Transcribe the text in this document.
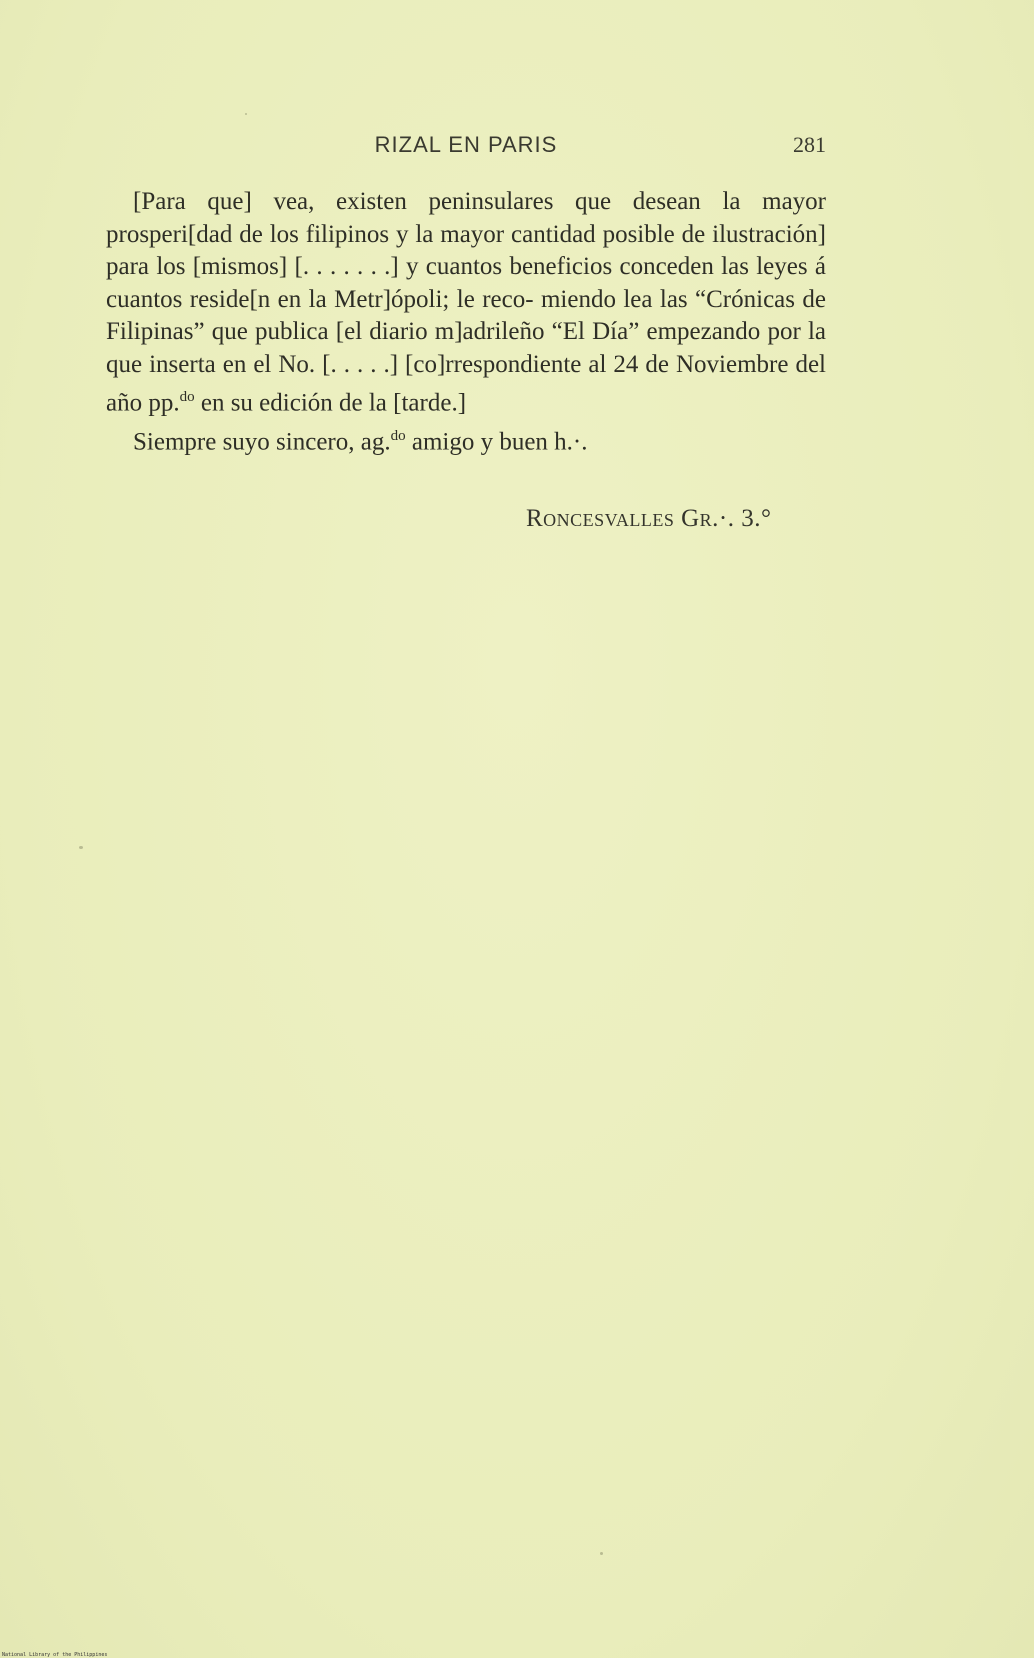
RIZAL EN PARIS	281

[Para que] vea, existen peninsulares que desean la mayor prosperi[dad de los filipinos y la mayor cantidad posible de ilustración] para los [mismos] [. . . . . . .] y cuantos beneficios conceden las leyes á cuantos reside[n en la Metr]ópoli; le reco- miendo lea las “Crónicas de Filipinas” que publica [el diario m]adrileño “El Día” empezando por la que inserta en el No. [. . . . .] [co]rrespondiente al 24 de Noviembre del año pp.$^{do}$ en su edición de la [tarde.]

Siempre suyo sincero, ag.$^{do}$ amigo y buen h.·.

Roncesvalles Gr.·. 3.°
National Library of the Philippines
